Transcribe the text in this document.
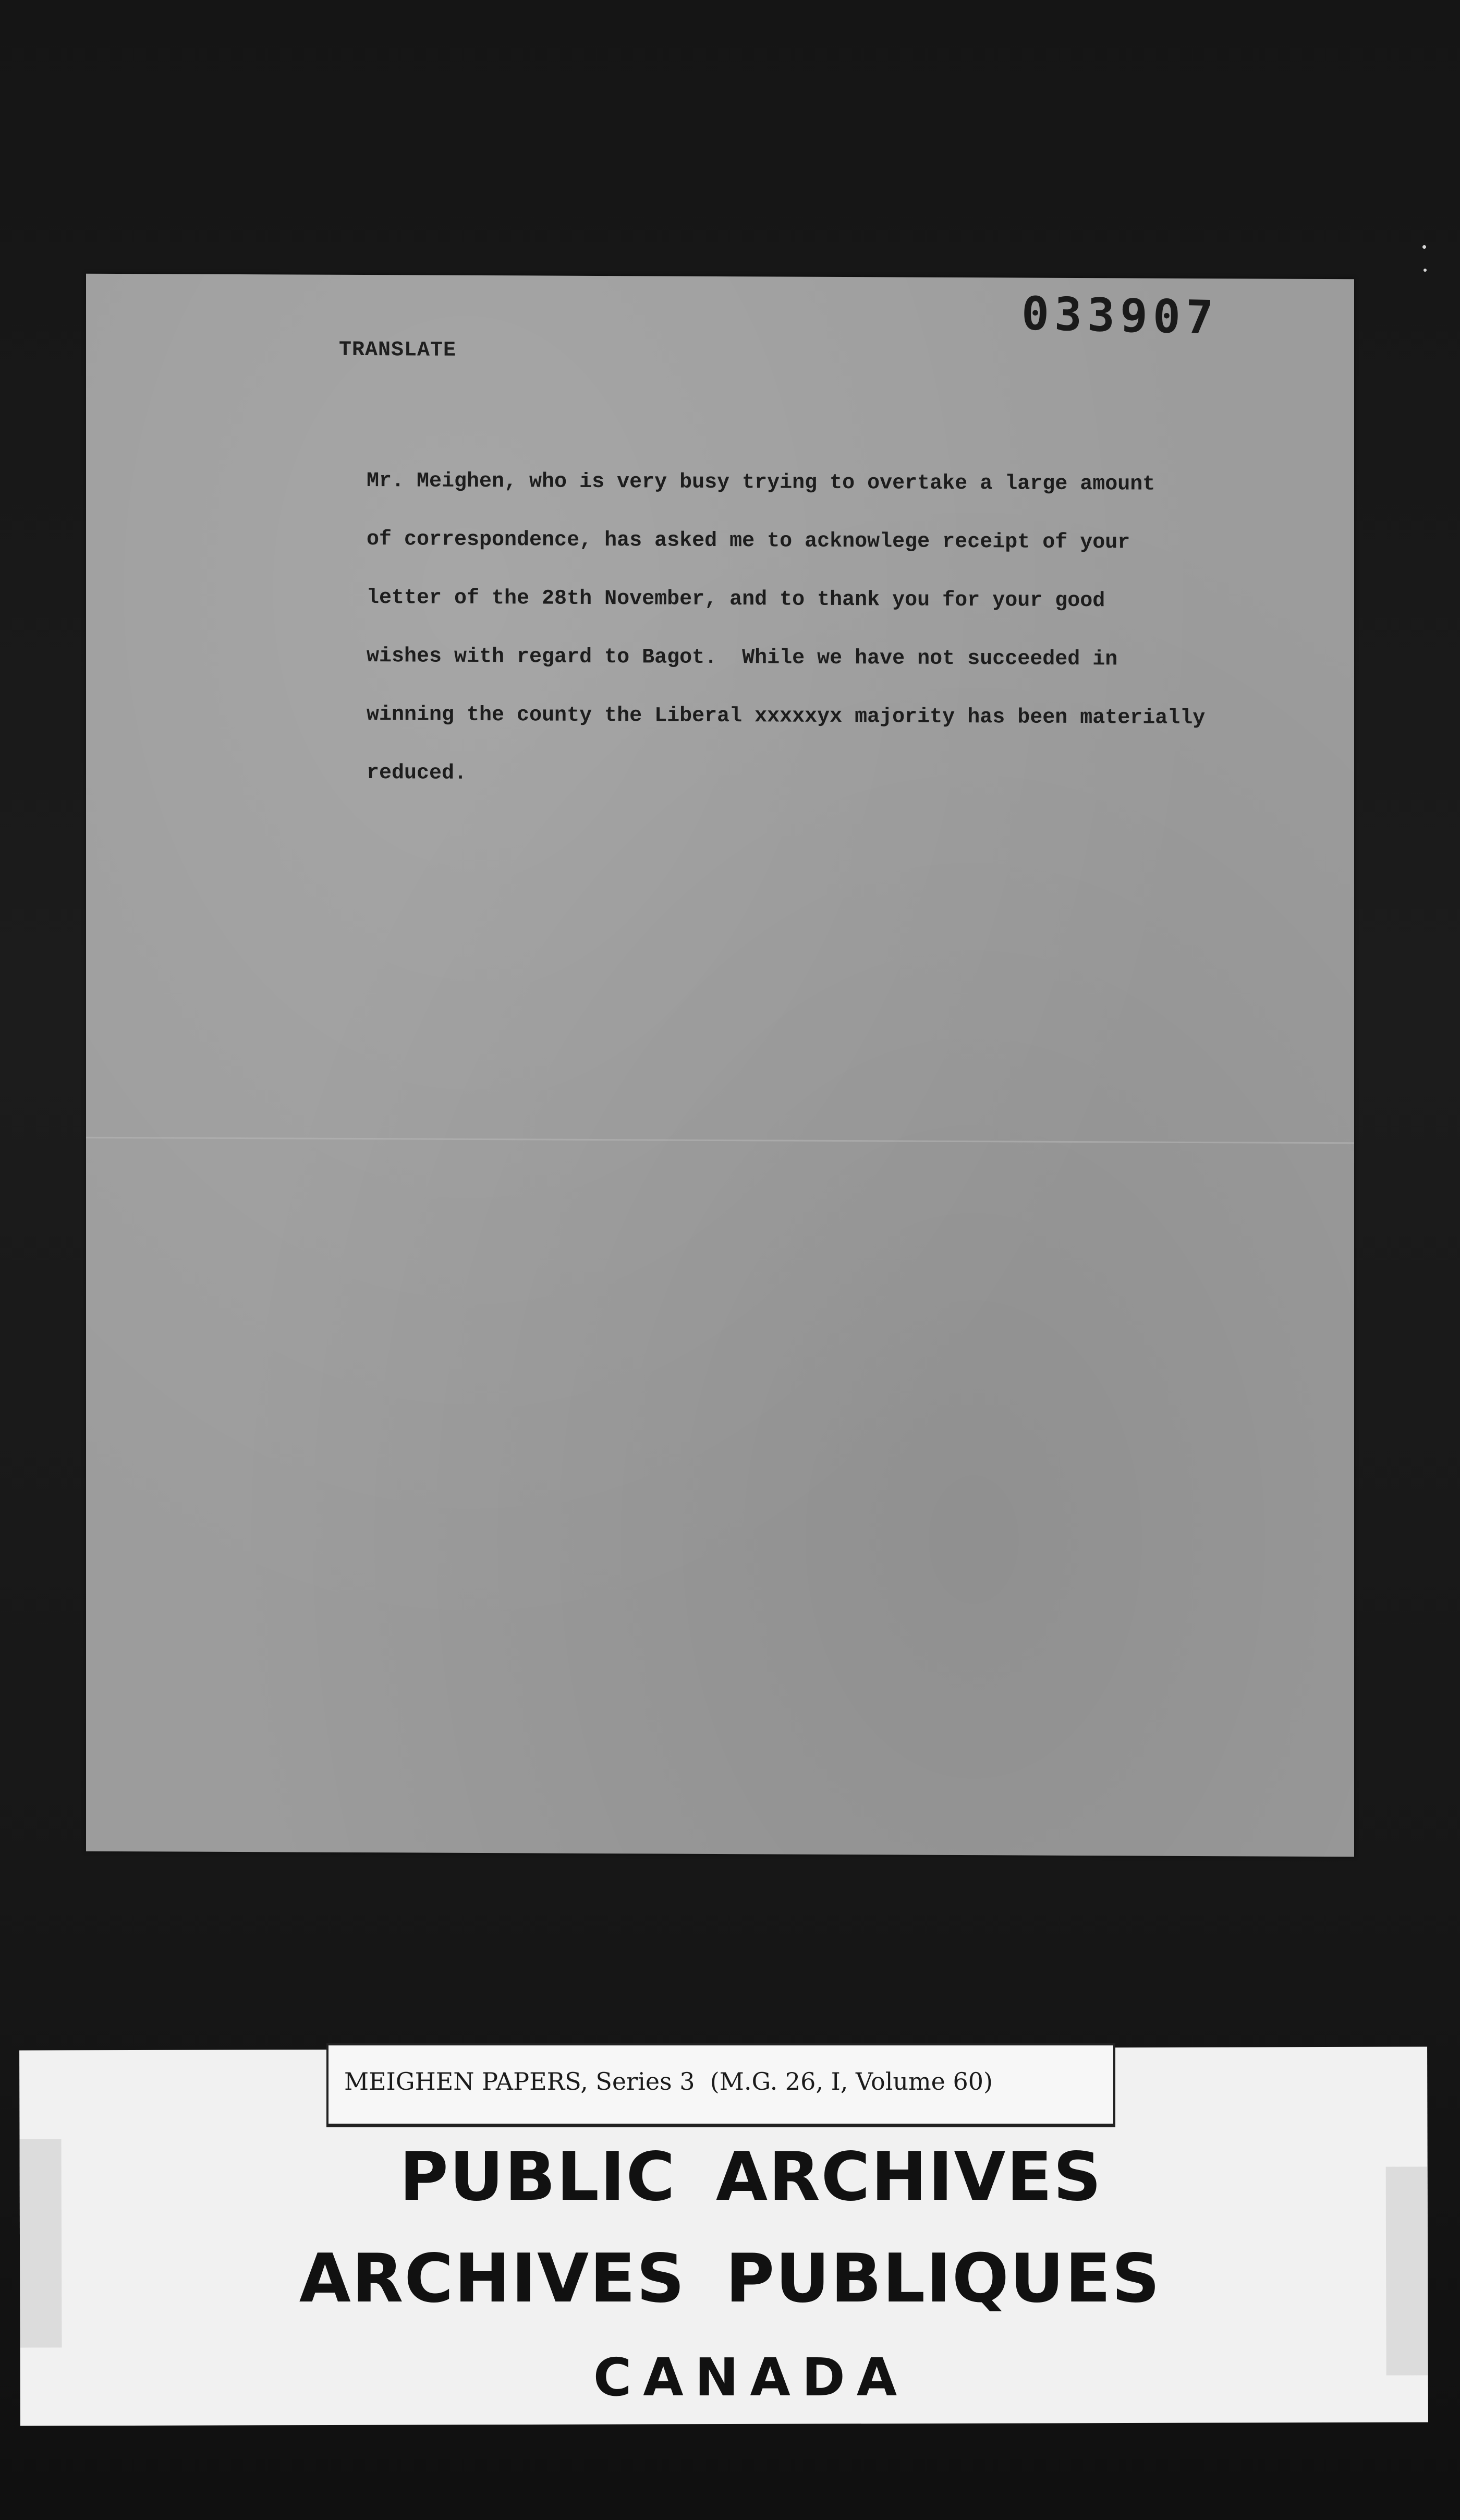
033907
TRANSLATE
Mr. Meighen, who is very busy trying to overtake a large amount
of correspondence, has asked me to acknowlege receipt of your
letter of the 28th November, and to thank you for your good
wishes with regard to Bagot.  While we have not succeeded in
winning the county the Liberal xxxxxyx majority has been materially
reduced.
MEIGHEN PAPERS, Series 3  (M.G. 26, I, Volume 60)
PUBLIC ARCHIVES
ARCHIVES PUBLIQUES
CANADA
